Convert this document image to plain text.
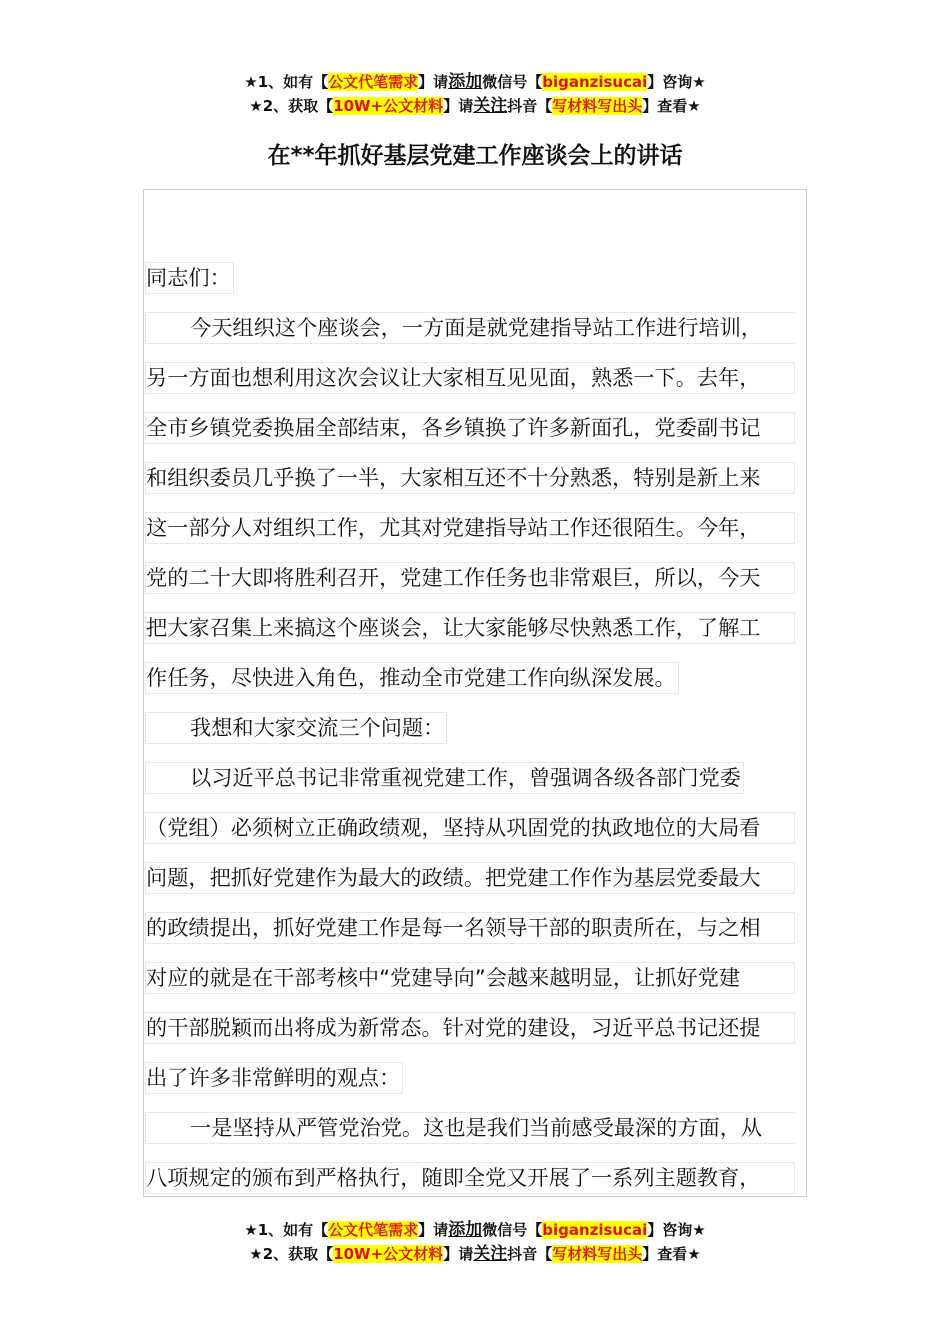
★1、如有【公文代笔需求】请添加微信号【biganzisucai】咨询★
★2、获取【10W+公文材料】请关注抖音【写材料写出头】查看★
在**年抓好基层党建工作座谈会上的讲话
同志们：
今天组织这个座谈会，一方面是就党建指导站工作进行培训，
另一方面也想利用这次会议让大家相互见见面，熟悉一下。去年，
全市乡镇党委换届全部结束，各乡镇换了许多新面孔，党委副书记
和组织委员几乎换了一半，大家相互还不十分熟悉，特别是新上来
这一部分人对组织工作，尤其对党建指导站工作还很陌生。今年，
党的二十大即将胜利召开，党建工作任务也非常艰巨，所以，今天
把大家召集上来搞这个座谈会，让大家能够尽快熟悉工作，了解工
作任务，尽快进入角色，推动全市党建工作向纵深发展。
我想和大家交流三个问题：
以习近平总书记非常重视党建工作，曾强调各级各部门党委
（党组）必须树立正确政绩观，坚持从巩固党的执政地位的大局看
问题，把抓好党建作为最大的政绩。把党建工作作为基层党委最大
的政绩提出，抓好党建工作是每一名领导干部的职责所在，与之相
对应的就是在干部考核中“党建导向”会越来越明显，让抓好党建
的干部脱颖而出将成为新常态。针对党的建设，习近平总书记还提
出了许多非常鲜明的观点：
一是坚持从严管党治党。这也是我们当前感受最深的方面，从
八项规定的颁布到严格执行，随即全党又开展了一系列主题教育，
★1、如有【公文代笔需求】请添加微信号【biganzisucai】咨询★
★2、获取【10W+公文材料】请关注抖音【写材料写出头】查看★
